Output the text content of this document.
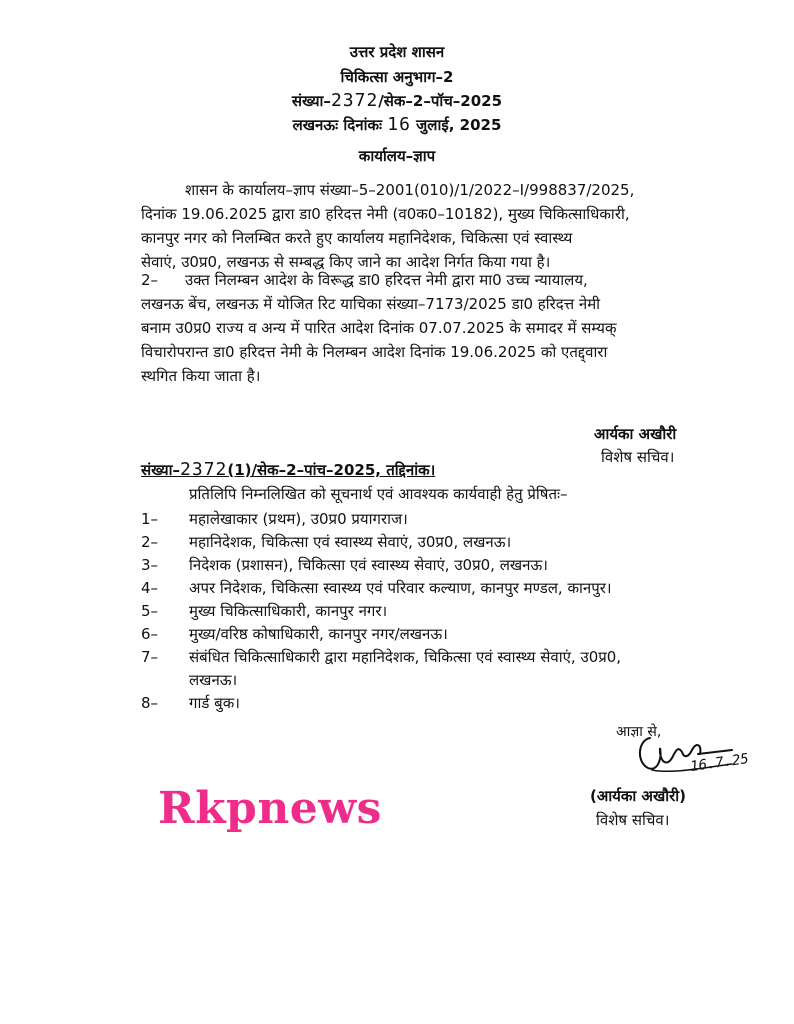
उत्तर प्रदेश शासन
चिकित्सा अनुभाग–2
संख्या–2372/सेक–2–पॉच–2025
लखनऊः दिनांकः 16 जुलाई, 2025
कार्यालय–ज्ञाप
शासन के कार्यालय–ज्ञाप संख्या–5–2001(010)/1/2022–I/998837/2025,
दिनांक 19.06.2025 द्वारा डा0 हरिदत्त नेमी (व0क0–10182), मुख्य चिकित्साधिकारी,
कानपुर नगर को निलम्बित करते हुए कार्यालय महानिदेशक, चिकित्सा एवं स्वास्थ्य
सेवाएं, उ0प्र0, लखनऊ से सम्बद्ध किए जाने का आदेश निर्गत किया गया है।
2– उक्त निलम्बन आदेश के विरूद्ध डा0 हरिदत्त नेमी द्वारा मा0 उच्च न्यायालय,
लखनऊ बेंच, लखनऊ में योजित रिट याचिका संख्या–7173/2025 डा0 हरिदत्त नेमी
बनाम उ0प्र0 राज्य व अन्य में पारित आदेश दिनांक 07.07.2025 के समादर में सम्यक्
विचारोपरान्त डा0 हरिदत्त नेमी के निलम्बन आदेश दिनांक 19.06.2025 को एतद्द्वारा
स्थगित किया जाता है।
आर्यका अखौरी
विशेष सचिव।
संख्या–2372(1)/सेक–2–पांच–2025, तद्दिनांक।
प्रतिलिपि निम्नलिखित को सूचनार्थ एवं आवश्यक कार्यवाही हेतु प्रेषितः–
1– महालेखाकार (प्रथम), उ0प्र0 प्रयागराज।
2– महानिदेशक, चिकित्सा एवं स्वास्थ्य सेवाएं, उ0प्र0, लखनऊ।
3– निदेशक (प्रशासन), चिकित्सा एवं स्वास्थ्य सेवाएं, उ0प्र0, लखनऊ।
4– अपर निदेशक, चिकित्सा स्वास्थ्य एवं परिवार कल्याण, कानपुर मण्डल, कानपुर।
5– मुख्य चिकित्साधिकारी, कानपुर नगर।
6– मुख्य/वरिष्ठ कोषाधिकारी, कानपुर नगर/लखनऊ।
7– संबंधित चिकित्साधिकारी द्वारा महानिदेशक, चिकित्सा एवं स्वास्थ्य सेवाएं, उ0प्र0,
लखनऊ।
8– गार्ड बुक।
आज्ञा से,
16.7.25
(आर्यका अखौरी)
विशेष सचिव।
Rkpnews
